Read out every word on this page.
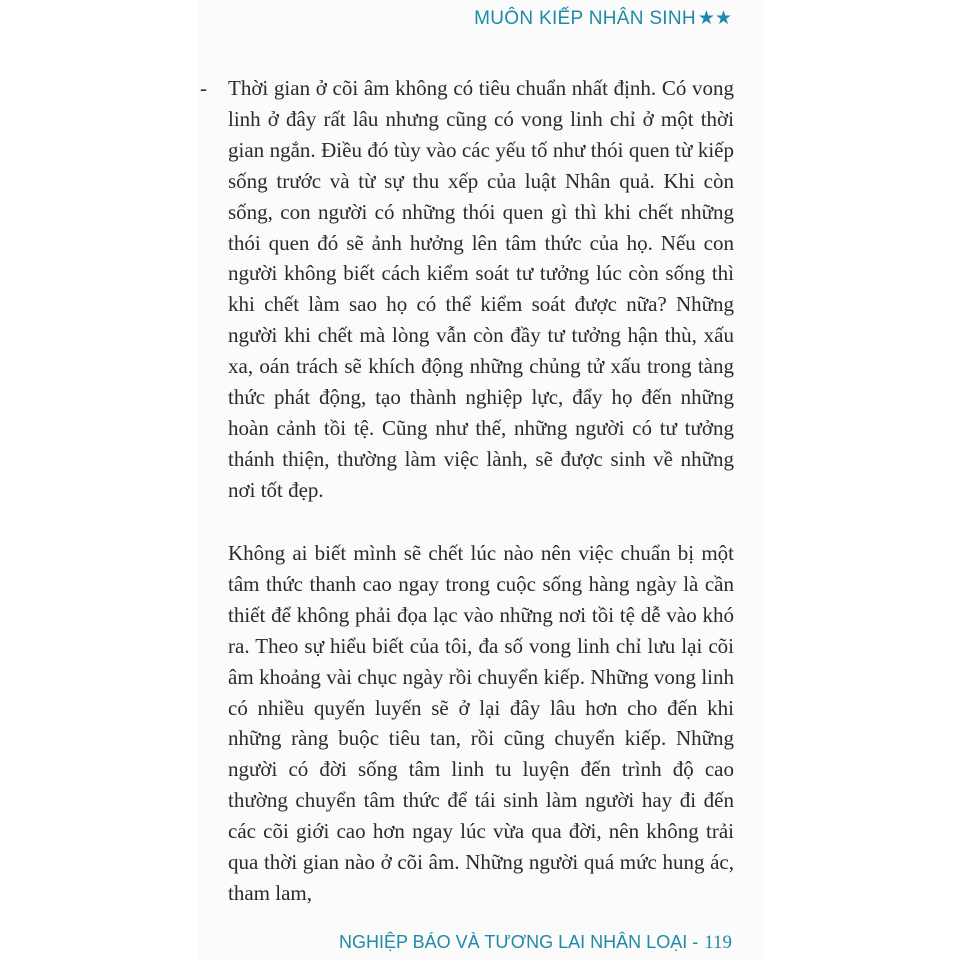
MUÔN KIẾP NHÂN SINH ★★
- Thời gian ở cõi âm không có tiêu chuẩn nhất định. Có vong linh ở đây rất lâu nhưng cũng có vong linh chỉ ở một thời gian ngắn. Điều đó tùy vào các yếu tố như thói quen từ kiếp sống trước và từ sự thu xếp của luật Nhân quả. Khi còn sống, con người có những thói quen gì thì khi chết những thói quen đó sẽ ảnh hưởng lên tâm thức của họ. Nếu con người không biết cách kiểm soát tư tưởng lúc còn sống thì khi chết làm sao họ có thể kiểm soát được nữa? Những người khi chết mà lòng vẫn còn đầy tư tưởng hận thù, xấu xa, oán trách sẽ khích động những chủng tử xấu trong tàng thức phát động, tạo thành nghiệp lực, đẩy họ đến những hoàn cảnh tồi tệ. Cũng như thế, những người có tư tưởng thánh thiện, thường làm việc lành, sẽ được sinh về những nơi tốt đẹp.

Không ai biết mình sẽ chết lúc nào nên việc chuẩn bị một tâm thức thanh cao ngay trong cuộc sống hàng ngày là cần thiết để không phải đọa lạc vào những nơi tồi tệ dễ vào khó ra. Theo sự hiểu biết của tôi, đa số vong linh chỉ lưu lại cõi âm khoảng vài chục ngày rồi chuyển kiếp. Những vong linh có nhiều quyến luyến sẽ ở lại đây lâu hơn cho đến khi những ràng buộc tiêu tan, rồi cũng chuyển kiếp. Những người có đời sống tâm linh tu luyện đến trình độ cao thường chuyển tâm thức để tái sinh làm người hay đi đến các cõi giới cao hơn ngay lúc vừa qua đời, nên không trải qua thời gian nào ở cõi âm. Những người quá mức hung ác, tham lam,

NGHIỆP BÁO VÀ TƯƠNG LAI NHÂN LOẠI - 119
